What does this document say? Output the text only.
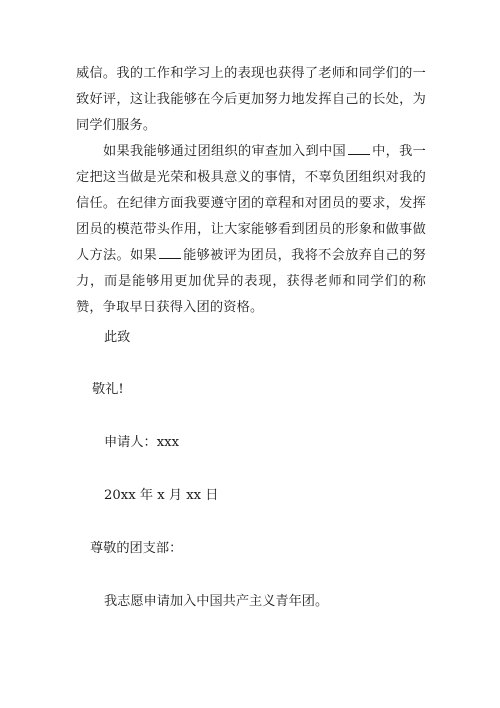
威信。我的工作和学习上的表现也获得了老师和同学们的一致好评，这让我能够在今后更加努力地发挥自己的长处，为同学们服务。
如果我能够通过团组织的审查加入到中国 中，我一定把这当做是光荣和极具意义的事情，不辜负团组织对我的信任。在纪律方面我要遵守团的章程和对团员的要求，发挥团员的模范带头作用，让大家能够看到团员的形象和做事做人方法。如果 能够被评为团员，我将不会放弃自己的努力，而是能够用更加优异的表现，获得老师和同学们的称赞，争取早日获得入团的资格。
此致
敬礼!
申请人：xxx
20xx 年 x 月 xx 日
尊敬的团支部：
我志愿申请加入中国共产主义青年团。
